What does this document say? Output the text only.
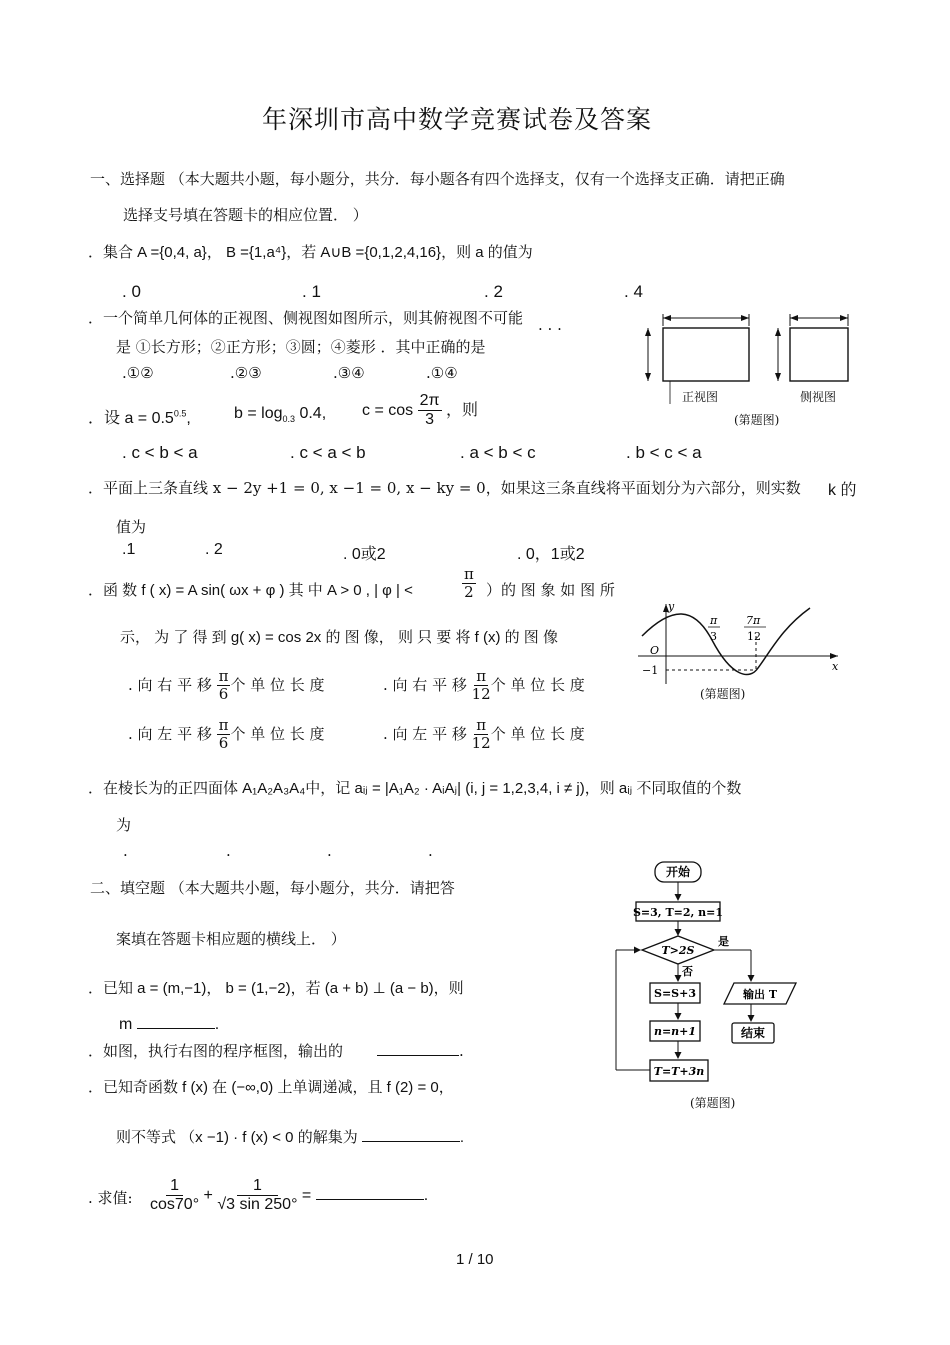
年深圳市高中数学竞赛试卷及答案
一、选择题 （本大题共小题，每小题分，共分．每小题各有四个选择支，仅有一个选择支正确．请把正确
选择支号填在答题卡的相应位置． ）
．集合 A ={0,4, a}， B ={1,a⁴}，若 A∪B ={0,1,2,4,16}，则 a 的值为
. 0	. 1	. 2	. 4
．一个简单几何体的正视图、侧视图如图所示，则其俯视图不可能 . . .
是 ①长方形；②正方形；③圆；④菱形 ．其中正确的是
.①②	.②③	.③④	.①④
正视图	侧视图
(第题图)
．设 $a = 0.5^{0.5}$,	$b = \log_{0.3} 0.4$, $c = \cos \frac{2\pi}{3}$ ，则
. c < b < a	. c < a < b	. a < b < c	. b < c < a
．平面上三条直线 x − 2y +1 = 0, x −1 = 0, x − ky = 0，如果这三条直线将平面划分为六部分，则实数 k 的
值为
.1	. 2	. 0或2	. 0，1或2
．函 数 f ( x) = A sin( ωx + φ ) 其 中 A > 0 , | φ | <	$\frac{\pi}{2}$ ）的 图 象 如 图 所
示， 为 了 得 到 g( x) = cos 2x 的 图 像， 则 只 要 将 f (x) 的 图 像
. 向 右 平 移 $\frac{\pi}{6}$ 个 单 位 长 度	. 向 右 平 移 $\frac{\pi}{12}$ 个 单 位 长 度
. 向 左 平 移 $\frac{\pi}{6}$ 个 单 位 长 度	. 向 左 平 移 $\frac{\pi}{12}$ 个 单 位 长 度
y
π
3
7π
12
O
−1	x
(第题图)
．在棱长为的正四面体 A₁A₂A₃A₄中，记 aᵢⱼ = |A₁A₂ · AᵢAⱼ| (i, j = 1,2,3,4, i ≠ j)，则 aᵢⱼ 不同取值的个数
为
.	.	.	.
二、填空题 （本大题共小题，每小题分，共分．请把答
案填在答题卡相应题的横线上． ）
．已知 a = (m,−1)， b = (1,−2)，若 (a + b) ⊥ (a − b)，则
m	.
．如图，执行右图的程序框图，输出的	.
．已知奇函数 f (x) 在 (−∞,0) 上单调递减，且 f (2) = 0，
则不等式 （x −1) · f (x) < 0 的解集为	.
. 求值: $\frac{1}{\cos 70^\circ} + \frac{1}{√3 \sin 250^\circ}$ =	.
开始
S=3, T=2, n=1
T>2S
是
输出 T
结束
否
S=S+3
n=n+1
T=T+3n
(第题图)
1 / 10
